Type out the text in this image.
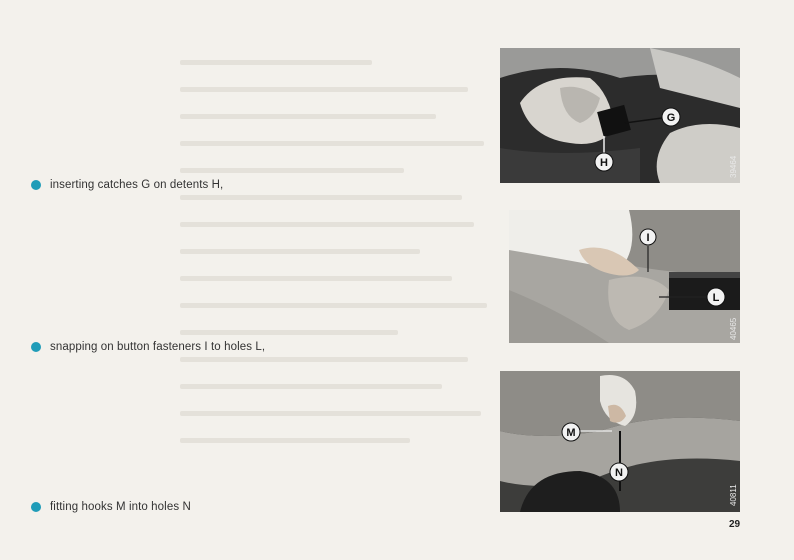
inserting catches G on detents H,
snapping on button fasteners I to holes L,
fitting hooks M into holes N
G
H	39464
I
L
40465
M
N
40811
29
